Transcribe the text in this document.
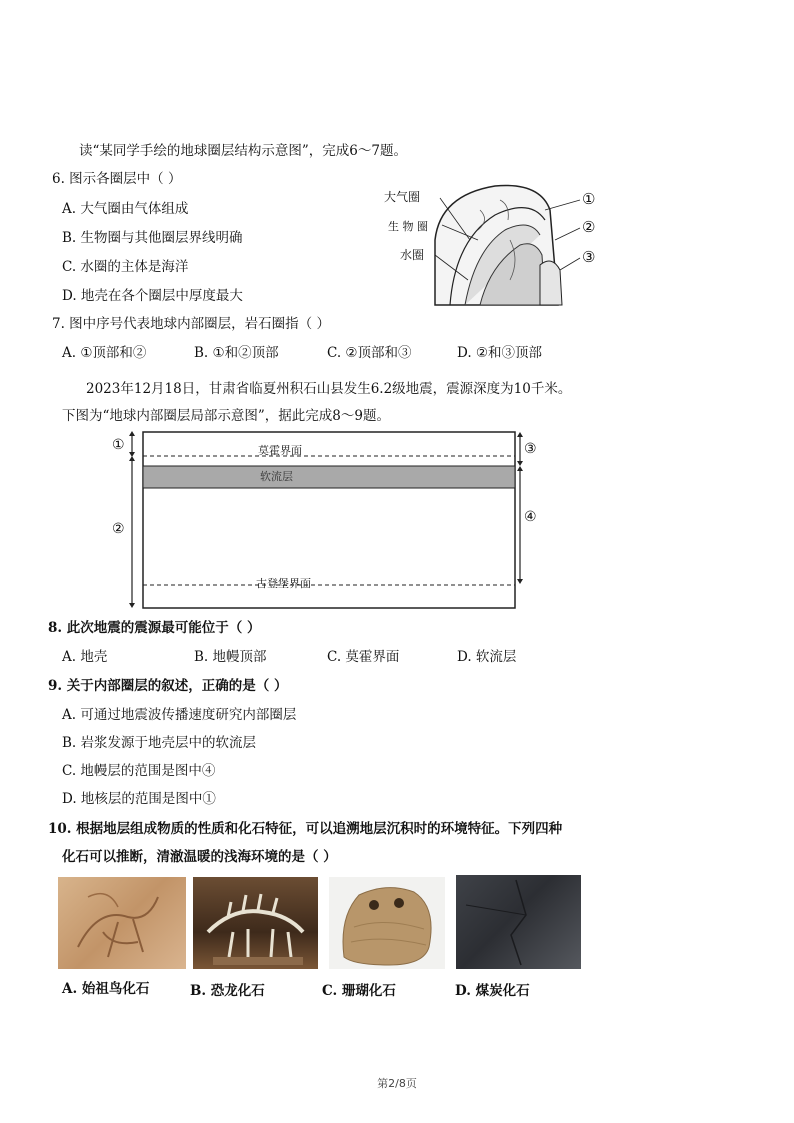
读“某同学手绘的地球圈层结构示意图”，完成6～7题。
6. 图示各圈层中（ ）
A. 大气圈由气体组成
B. 生物圈与其他圈层界线明确
C. 水圈的主体是海洋
D. 地壳在各个圈层中厚度最大
大气圈
生 物 圈
水圈
①
②
③
7. 图中序号代表地球内部圈层，岩石圈指（ ）
A. ①顶部和②	B. ①和②顶部	C. ②顶部和③	D. ②和③顶部
2023年12月18日，甘肃省临夏州积石山县发生6.2级地震，震源深度为10千米。
下图为“地球内部圈层局部示意图”，据此完成8～9题。
莫霍界面
软流层
古登堡界面
①
②
③
④
8. 此次地震的震源最可能位于（ ）
A. 地壳	B. 地幔顶部	C. 莫霍界面	D. 软流层
9. 关于内部圈层的叙述，正确的是（ ）
A. 可通过地震波传播速度研究内部圈层
B. 岩浆发源于地壳层中的软流层
C. 地幔层的范围是图中④
D. 地核层的范围是图中①
10. 根据地层组成物质的性质和化石特征，可以追溯地层沉积时的环境特征。下列四种
化石可以推断，清澈温暖的浅海环境的是（ ）
A. 始祖鸟化石	B. 恐龙化石	C. 珊瑚化石	D. 煤炭化石
第2/8页
